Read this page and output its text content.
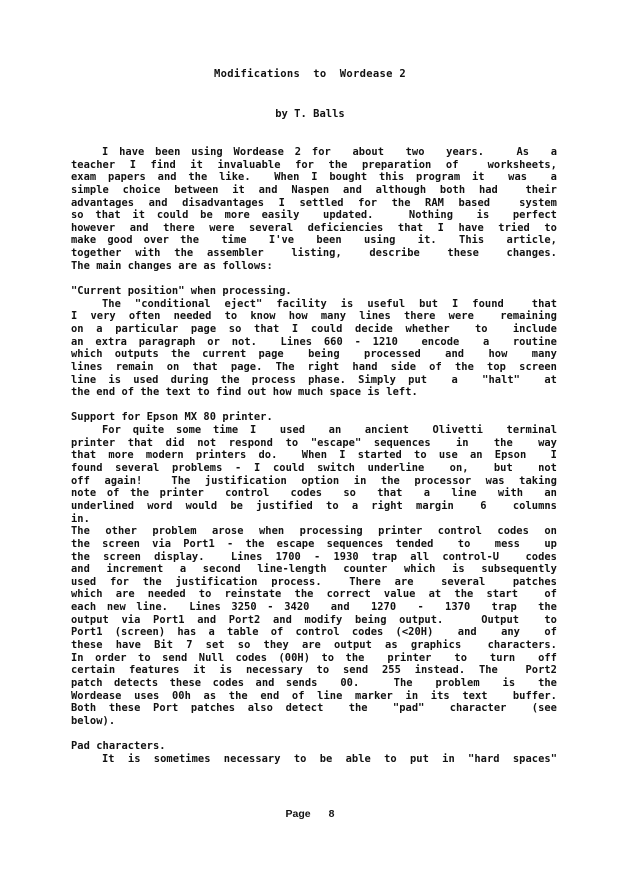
Modifications  to  Wordease 2
by T. Balls
I have been using Wordease 2 for  about  two  years.   As  a
teacher I find it invaluable for the preparation of  worksheets,
exam papers and the like.  When I bought this program it  was  a
simple choice between it and Naspen and although both had  their
advantages and disadvantages I settled for the RAM based  system
so that it could be more easily  updated.   Nothing  is  perfect
however and there were several deficiencies that I have tried to
make good over the  time  I've  been  using  it.  This  article,
together with the assembler  listing,  describe  these  changes.
The main changes are as follows:
"Current position" when processing.
The "conditional eject" facility is useful but I found  that
I very often needed to know how many lines there were  remaining
on a particular page so that I could decide whether  to  include
an extra paragraph or not.  Lines 660 - 1210  encode  a  routine
which outputs the current page  being  processed  and  how  many
lines remain on that page. The right hand side of the top screen
line is used during the process phase. Simply put  a  "halt"  at
the end of the text to find out how much space is left.
Support for Epson MX 80 printer.
For quite some time I  used  an  ancient  Olivetti  terminal
printer that did not respond to "escape" sequences  in  the  way
that more modern printers do.  When I started to use an Epson  I
found several problems - I could switch underline  on,  but  not
off again!  The justification option in the processor was taking
note of the printer  control  codes  so  that  a  line  with  an
underlined word would be justified to a right margin  6  columns
in.
The other problem arose when processing printer control codes on
the screen via Port1 - the escape sequences tended  to  mess  up
the screen display.  Lines 1700 - 1930 trap all control-U  codes
and increment a second line-length counter which is subsequently
used for the justification process.  There are  several  patches
which are needed to reinstate the correct value at the start  of
each new line.  Lines 3250 - 3420  and  1270  -  1370  trap  the
output via Port1 and Port2 and modify being output.   Output  to
Port1 (screen) has a table of control codes (<20H)  and  any  of
these have Bit 7 set so they are output as graphics  characters.
In order to send Null codes (00H) to the  printer  to  turn  off
certain features it is necessary to send 255 instead. The  Port2
patch detects these codes and sends  00.   The  problem  is  the
Wordease uses 00h as the end of line marker in its text  buffer.
Both these Port patches also detect  the  "pad"  character  (see
below).
Pad characters.
It is sometimes necessary to be able to put in "hard spaces"
Page 8
